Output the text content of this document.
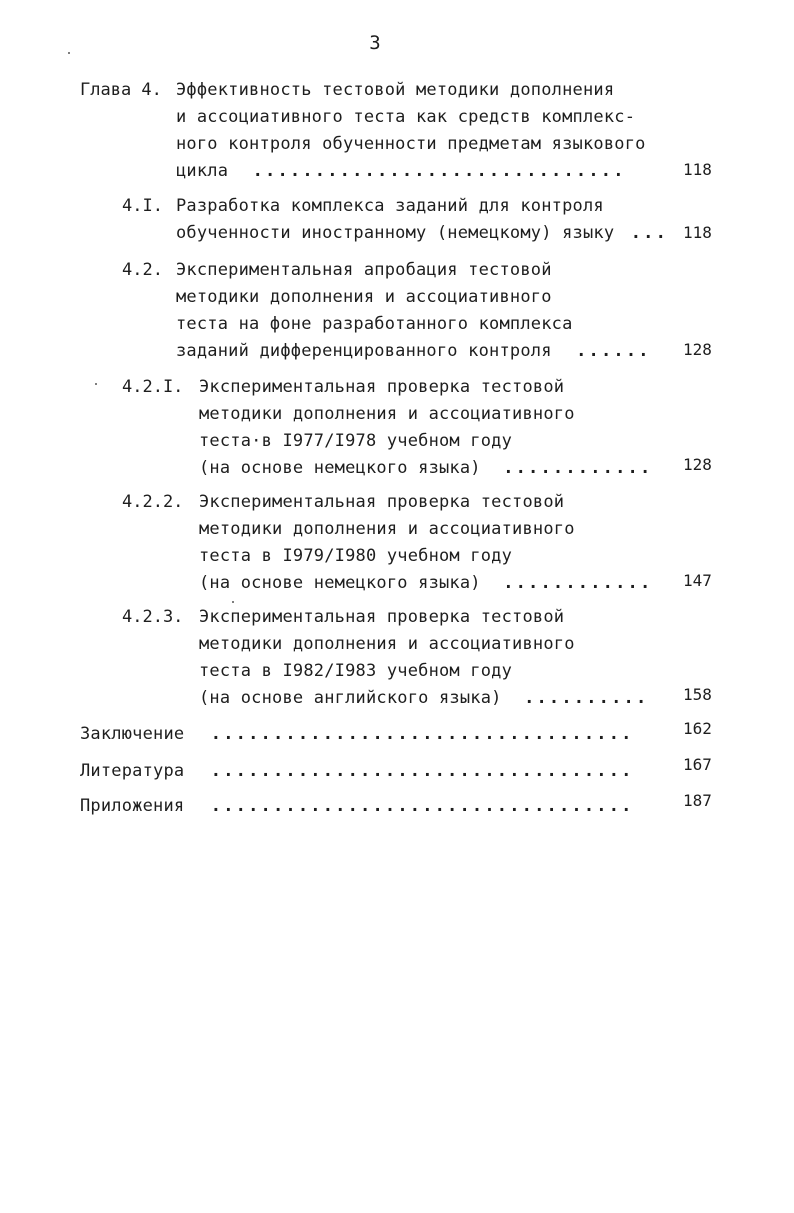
3
Глава 4. Эффективность тестовой методики дополнения
и ассоциативного теста как средств комплекс-
ного контроля обученности предметам языкового
цикла ..............................	118
4.I. Разработка комплекса заданий для контроля
обученности иностранному (немецкому) языку ... 118
4.2. Экспериментальная апробация тестовой
методики дополнения и ассоциативного
теста на фоне разработанного комплекса
заданий дифференцированного контроля ...... 128
4.2.I. Экспериментальная проверка тестовой
методики дополнения и ассоциативного
теста·в I977/I978 учебном году
(на основе немецкого языка) ............ 128
4.2.2. Экспериментальная проверка тестовой
методики дополнения и ассоциативного
теста в I979/I980 учебном году
(на основе немецкого языка) ............ 147
4.2.3. Экспериментальная проверка тестовой
методики дополнения и ассоциативного
теста в I982/I983 учебном году
(на основе английского языка) .......... 158
Заключение ..................................	162
Литература ..................................	167
Приложения ..................................	187
